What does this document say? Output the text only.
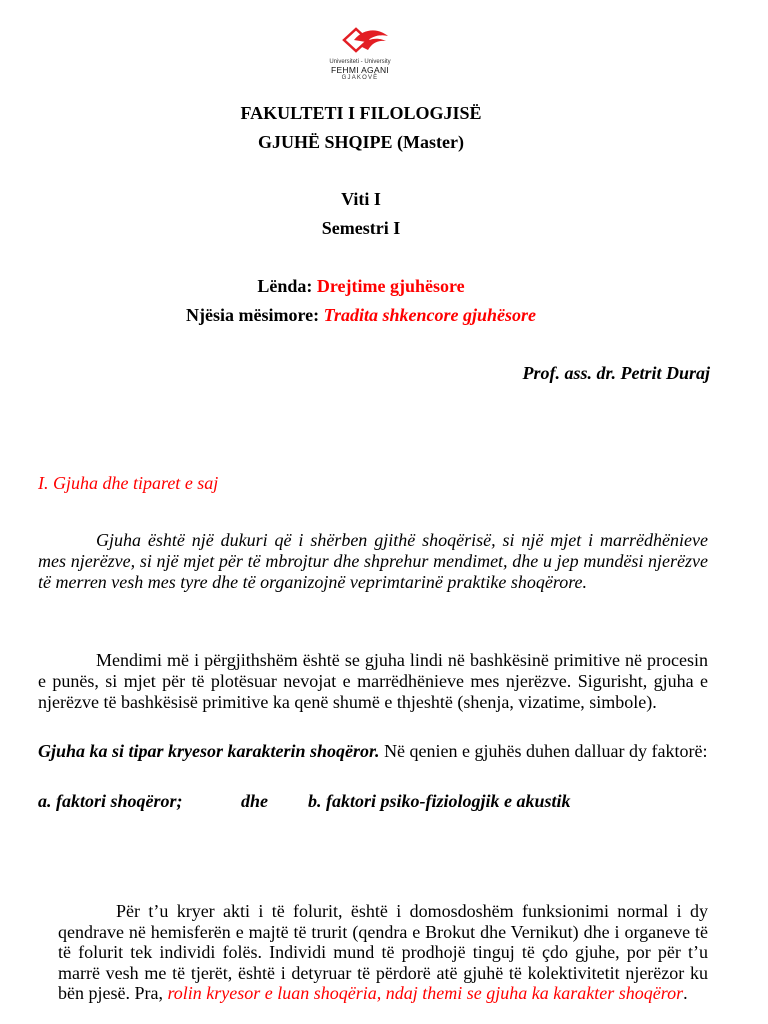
Universiteti - University
FEHMI AGANI
GJAKOVË
FAKULTETI I FILOLOGJISË
GJUHË SHQIPE (Master)
Viti I
Semestri I
Lënda: Drejtime gjuhësore
Njësia mësimore: Tradita shkencore gjuhësore
Prof. ass. dr. Petrit Duraj
I. Gjuha dhe tiparet e saj
Gjuha është një dukuri që i shërben gjithë shoqërisë, si një mjet i marrëdhënieve mes njerëzve, si një mjet për të mbrojtur dhe shprehur mendimet, dhe u jep mundësi njerëzve të merren vesh mes tyre dhe të organizojnë veprimtarinë praktike shoqërore.
Mendimi më i përgjithshëm është se gjuha lindi në bashkësinë primitive në procesin e punës, si mjet për të plotësuar nevojat e marrëdhënieve mes njerëzve. Sigurisht, gjuha e njerëzve të bashkësisë primitive ka qenë shumë e thjeshtë (shenja, vizatime, simbole).
Gjuha ka si tipar kryesor karakterin shoqëror. Në qenien e gjuhës duhen dalluar dy faktorë:
a. faktori shoqëror;	dhe b. faktori psiko-fiziologjik e akustik
Për t’u kryer akti i të folurit, është i domosdoshëm funksionimi normal i dy qendrave në hemisferën e majtë të trurit (qendra e Brokut dhe Vernikut) dhe i organeve të të folurit tek individi folës. Individi mund të prodhojë tinguj të çdo gjuhe, por për t’u marrë vesh me të tjerët, është i detyruar të përdorë atë gjuhë të kolektivitetit njerëzor ku bën pjesë. Pra, rolin kryesor e luan shoqëria, ndaj themi se gjuha ka karakter shoqëror.
